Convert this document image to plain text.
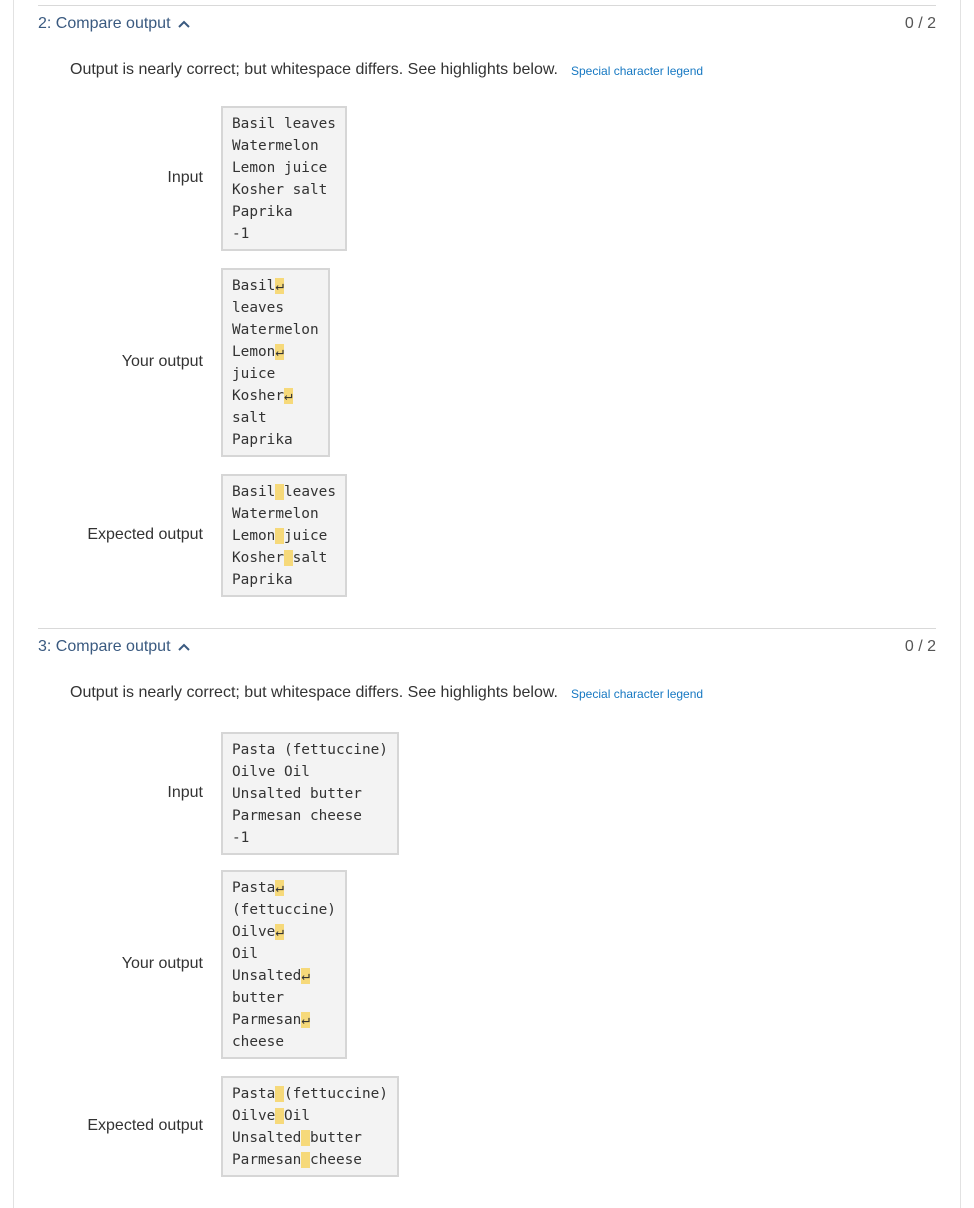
2: Compare output	0 / 2
Output is nearly correct; but whitespace differs. See highlights below. Special character legend
Input
Basil leaves
Watermelon
Lemon juice
Kosher salt
Paprika
-1
Your output
Basil↵
leaves
Watermelon
Lemon↵
juice
Kosher↵
salt
Paprika
Expected output
Basil leaves
Watermelon
Lemon juice
Kosher salt
Paprika
3: Compare output	0 / 2
Output is nearly correct; but whitespace differs. See highlights below. Special character legend
Input
Pasta (fettuccine)
Oilve Oil
Unsalted butter
Parmesan cheese
-1
Your output
Pasta↵
(fettuccine)
Oilve↵
Oil
Unsalted↵
butter
Parmesan↵
cheese
Expected output
Pasta (fettuccine)
Oilve Oil
Unsalted butter
Parmesan cheese
